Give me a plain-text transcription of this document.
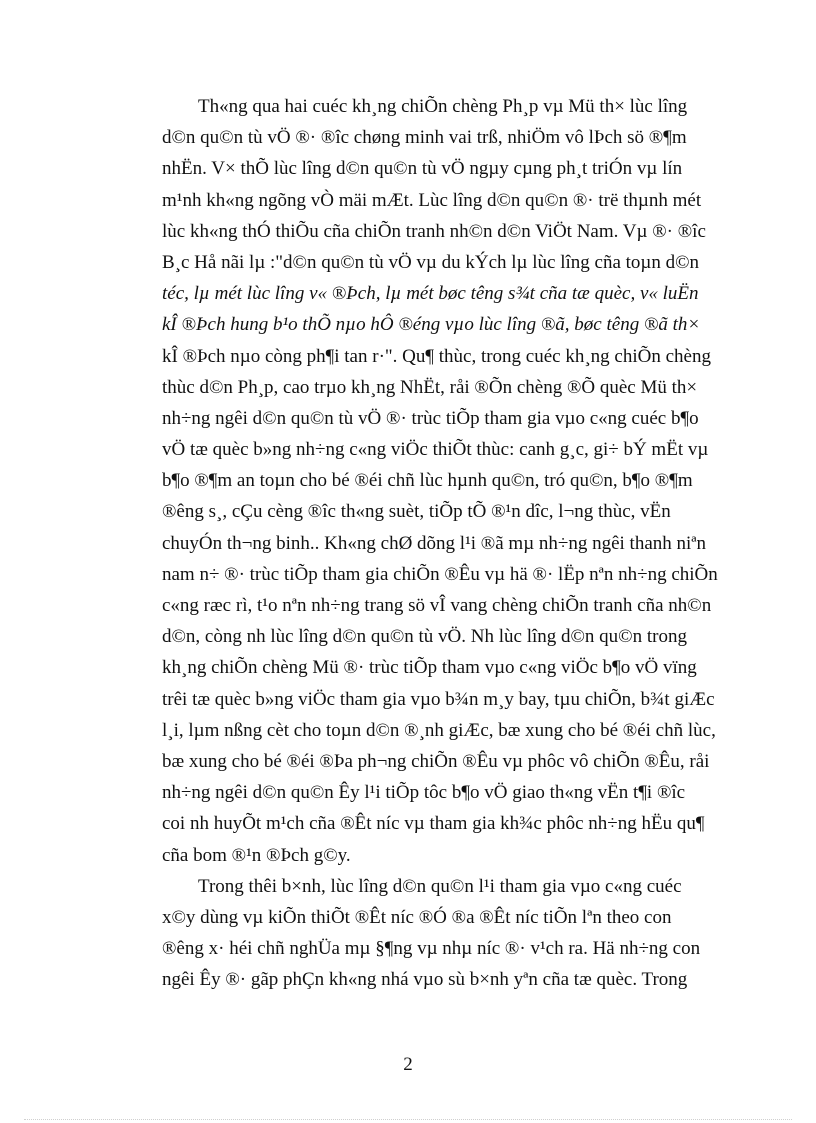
Th«ng qua hai cuéc kh¸ng chiÕn chèng Ph¸p vµ Mü th× lùc lîng
d©n qu©n tù vÖ ®· ®îc chøng minh vai trß, nhiÖm vô lÞch sö ®¶m
nhËn. V× thÕ lùc lîng d©n qu©n tù vÖ ngµy cµng ph¸t triÓn vµ lín
m¹nh kh«ng ngõng vÒ mäi mÆt. Lùc lîng d©n qu©n ®· trë thµnh mét
lùc kh«ng thÓ thiÕu cña chiÕn tranh nh©n d©n ViÖt Nam. Vµ ®· ®îc
B¸c Hå nãi lµ :"d©n qu©n tù vÖ vµ du kÝch lµ lùc lîng cña toµn d©n
téc, lµ mét lùc lîng v« ®Þch, lµ mét bøc têng s¾t cña tæ quèc, v« luËn
kÎ ®Þch hung b¹o thÕ nµo hÔ ®éng vµo lùc lîng ®ã, bøc têng ®ã th×
kÎ ®Þch nµo còng ph¶i tan r·". Qu¶ thùc, trong cuéc kh¸ng chiÕn chèng
thùc d©n Ph¸p, cao trµo kh¸ng NhËt, råi ®Õn chèng ®Õ quèc Mü th×
nh÷ng ngêi d©n qu©n tù vÖ ®· trùc tiÕp tham gia vµo c«ng cuéc b¶o
vÖ tæ quèc b»ng nh÷ng c«ng viÖc thiÕt thùc: canh g¸c, gi÷ bÝ mËt vµ
b¶o ®¶m an toµn cho bé ®éi chñ lùc hµnh qu©n, tró qu©n, b¶o ®¶m
®êng s¸, cÇu cèng ®îc th«ng suèt, tiÕp tÕ ®¹n dîc, l¬ng thùc, vËn
chuyÓn th¬ng binh.. Kh«ng chØ dõng l¹i ®ã mµ nh÷ng ngêi thanh niªn
nam n÷ ®· trùc tiÕp tham gia chiÕn ®Êu vµ hä ®· lËp nªn nh÷ng chiÕn
c«ng ræc rì, t¹o nªn nh÷ng trang sö vÎ vang chèng chiÕn tranh cña nh©n
d©n, còng nh lùc lîng d©n qu©n tù vÖ. Nh lùc lîng d©n qu©n trong
kh¸ng chiÕn chèng Mü ®· trùc tiÕp tham vµo c«ng viÖc b¶o vÖ vïng
trêi tæ quèc b»ng viÖc tham gia vµo b¾n m¸y bay, tµu chiÕn, b¾t giÆc
l¸i, lµm nßng cèt cho toµn d©n ®¸nh giÆc, bæ xung cho bé ®éi chñ lùc,
bæ xung cho bé ®éi ®Þa ph¬ng chiÕn ®Êu vµ phôc vô chiÕn ®Êu, råi
nh÷ng ngêi d©n qu©n Êy l¹i tiÕp tôc b¶o vÖ giao th«ng vËn t¶i ®îc
coi nh huyÕt m¹ch cña ®Êt níc vµ tham gia kh¾c phôc nh÷ng hËu qu¶
cña bom ®¹n ®Þch g©y.
Trong thêi b×nh, lùc lîng d©n qu©n l¹i tham gia vµo c«ng cuéc
x©y dùng vµ kiÕn thiÕt ®Êt níc ®Ó ®a ®Êt níc tiÕn lªn theo con
®êng x· héi chñ nghÜa mµ §¶ng vµ nhµ níc ®· v¹ch ra. Hä nh÷ng con
ngêi Êy ®· gãp phÇn kh«ng nhá vµo sù b×nh yªn cña tæ quèc. Trong
2
